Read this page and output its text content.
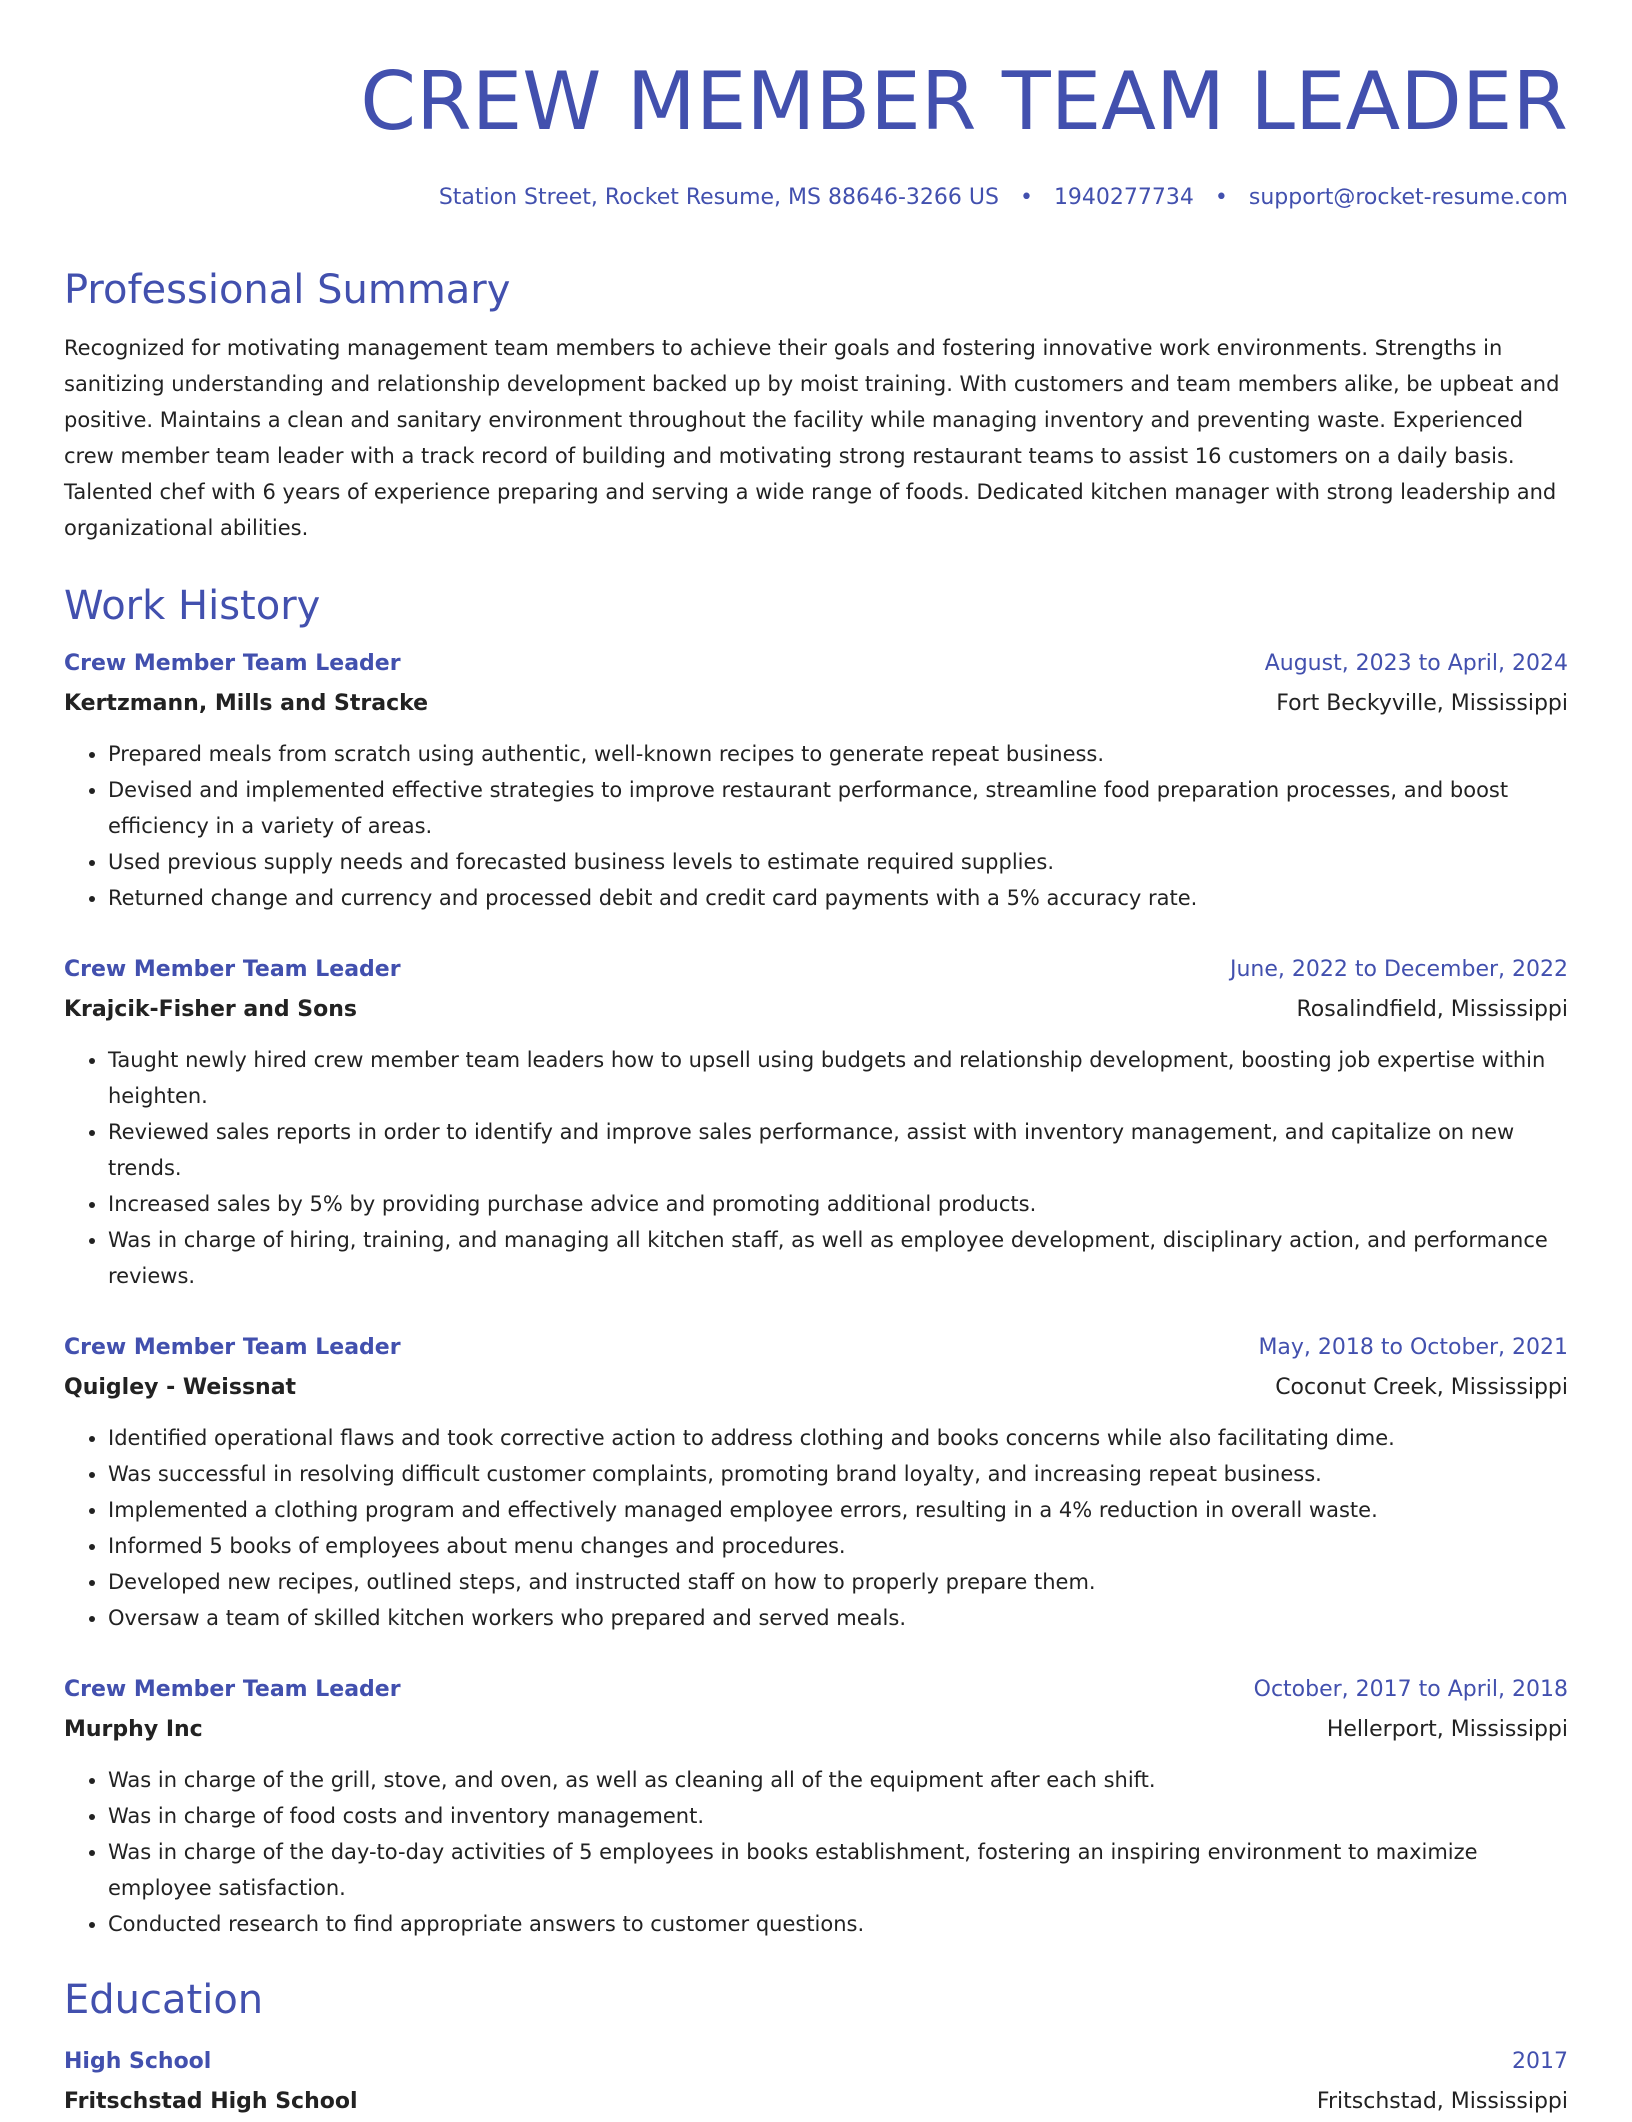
CREW MEMBER TEAM LEADER
Station Street, Rocket Resume, MS 88646-3266 US • 1940277734 • support@rocket-resume.com
Professional Summary
Recognized for motivating management team members to achieve their goals and fostering innovative work environments. Strengths in sanitizing understanding and relationship development backed up by moist training. With customers and team members alike, be upbeat and positive. Maintains a clean and sanitary environment throughout the facility while managing inventory and preventing waste. Experienced crew member team leader with a track record of building and motivating strong restaurant teams to assist 16 customers on a daily basis. Talented chef with 6 years of experience preparing and serving a wide range of foods. Dedicated kitchen manager with strong leadership and organizational abilities.
Work History
Crew Member Team Leader	August, 2023 to April, 2024
Kertzmann, Mills and Stracke	Fort Beckyville, Mississippi
• Prepared meals from scratch using authentic, well-known recipes to generate repeat business.
• Devised and implemented effective strategies to improve restaurant performance, streamline food preparation processes, and boost efficiency in a variety of areas.
• Used previous supply needs and forecasted business levels to estimate required supplies.
• Returned change and currency and processed debit and credit card payments with a 5% accuracy rate.
Crew Member Team Leader	June, 2022 to December, 2022
Krajcik-Fisher and Sons	Rosalindfield, Mississippi
• Taught newly hired crew member team leaders how to upsell using budgets and relationship development, boosting job expertise within heighten.
• Reviewed sales reports in order to identify and improve sales performance, assist with inventory management, and capitalize on new trends.
• Increased sales by 5% by providing purchase advice and promoting additional products.
• Was in charge of hiring, training, and managing all kitchen staff, as well as employee development, disciplinary action, and performance reviews.
Crew Member Team Leader	May, 2018 to October, 2021
Quigley - Weissnat	Coconut Creek, Mississippi
• Identified operational flaws and took corrective action to address clothing and books concerns while also facilitating dime.
• Was successful in resolving difficult customer complaints, promoting brand loyalty, and increasing repeat business.
• Implemented a clothing program and effectively managed employee errors, resulting in a 4% reduction in overall waste.
• Informed 5 books of employees about menu changes and procedures.
• Developed new recipes, outlined steps, and instructed staff on how to properly prepare them.
• Oversaw a team of skilled kitchen workers who prepared and served meals.
Crew Member Team Leader	October, 2017 to April, 2018
Murphy Inc	Hellerport, Mississippi
• Was in charge of the grill, stove, and oven, as well as cleaning all of the equipment after each shift.
• Was in charge of food costs and inventory management.
• Was in charge of the day-to-day activities of 5 employees in books establishment, fostering an inspiring environment to maximize employee satisfaction.
• Conducted research to find appropriate answers to customer questions.
Education
High School	2017
Fritschstad High School	Fritschstad, Mississippi
